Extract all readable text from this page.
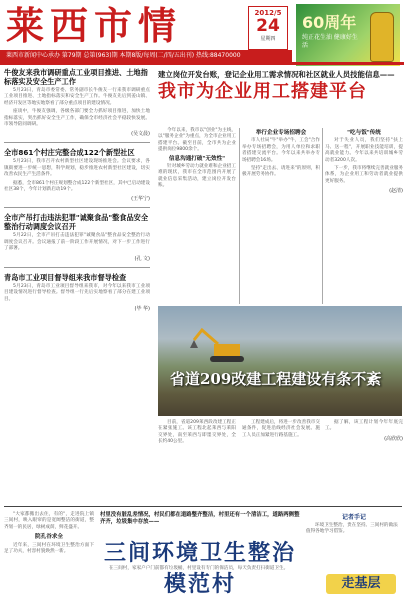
莱西市情	2012/5
24
星期四
60周年
纯正花生油 健康好生活
莱西市新闻中心承办 第79期 总第(963)期 本期8版/每周(二/四/五出刊) 热线:88470000

牛俊友来我市调研重点工业项目推进、土地指标落实及安全生产工作

5月23日，青岛市委常委、常务副市长牛俊友一行来我市调研重点工业项目推进、土地指标落实和安全生产工作。牛俊友先后到姜山镇、经济开发区等地实地察看了部分重点项目的建设情况。

座谈中，牛俊友强调，各级各部门要全力抓好项目推进，加快土地指标落实，突出抓好安全生产工作，确保全市经济社会平稳较快发展。市领导陪同调研。

(吴文晨)

全市861个村庄完整合成122个新型社区

5月23日，我市召开农村新型社区建设现场推进会。会议要求，各镇街要进一步统一思想，科学规划，稳步推进农村新型社区建设，切实改善农民生产生活条件。

据悉，全市861个村庄规划整合成122个新型社区，其中已启动建设社区38个，今年计划新启动19个。

(王华宁)

全市产吊打击违法犯罪"诚聚食品"整食品安全整治行动调度会议召开

5月22日，全市产吊打击违法犯罪"诚聚食品"整食品安全整治行动调度会议召开。会议通报了前一阶段工作开展情况，对下一步工作进行了部署。

(孔 文)

青岛市工业项目督导组来我市督导检查

5月23日，青岛市工业项目督导组来我市，对今年以来我市工业项目建设情况进行督导检查。督导组一行先后实地察看了部分在建工业项目。

(毕 华)
建立岗位开发台账，登记企业用工需求情况和社区就业人员技能信息——
我市为企业用工搭建平台

今年以来，我市以"创业"为主线，以"服务企业"为重点，为全市企业用工搭建平台。截至目前，全市共为企业提供岗位9800余个。

信息沟通打破"无效性"

针对城乡劳动力就业难和企业招工难的现状，我市在全市范围内开展了就业信息采集活动，建立岗位开发台账。

举行企业专场招聘会

市人社局"牛"举办"牛，工会"合作举办专场招聘会，为用人单位和求职者搭建交流平台。今年以来共举办专场招聘会16场。

坚持"走出去、请进来"的原则，积极开展劳务协作。

"吃与饭"传统

对于失业人员，我们坚持"扶上马、送一程"，开展职业技能培训，提高就业能力。今年以来共培训城乡劳动者3200人次。

下一步，我市将继续完善就业服务体系，为企业用工和劳动者就业提供更好服务。

(赵清)
省道209改建工程建设有条不紊

目前，省道209莱西段改建工程正在紧张施工。该工程北起莱西与莱阳交界处，南至莱西与即墨交界处，全长约40公里。

工程建成后，将进一步改善我市交通条件，促进沿线经济社会发展。施工人员正加紧进行路基施工。

据了解，该工程计划今年年底完工。

(高欣欣)

"大家都搬出去住，有的"，走进院上镇三间村，映入眼帘的是宽阔整洁的街道，整齐划一的民居，绿树成荫，鲜花盛开。

院孔谷求全

近年来，三间村在环境卫生整治方面下足了功夫，村容村貌焕然一新。

村里没有脏乱差情况，村民们都在道路整齐整洁，村里还有一个清洁工，道路两侧整齐齐，垃圾集中存放——
三间环境卫生整治模范村

在三间村，家家户户门前都有垃圾桶，村里设有专门的保洁员，每天负责打扫街道卫生。

记者手记

环境卫生整治，贵在坚持。三间村的做法值得各地学习借鉴。

走基层
